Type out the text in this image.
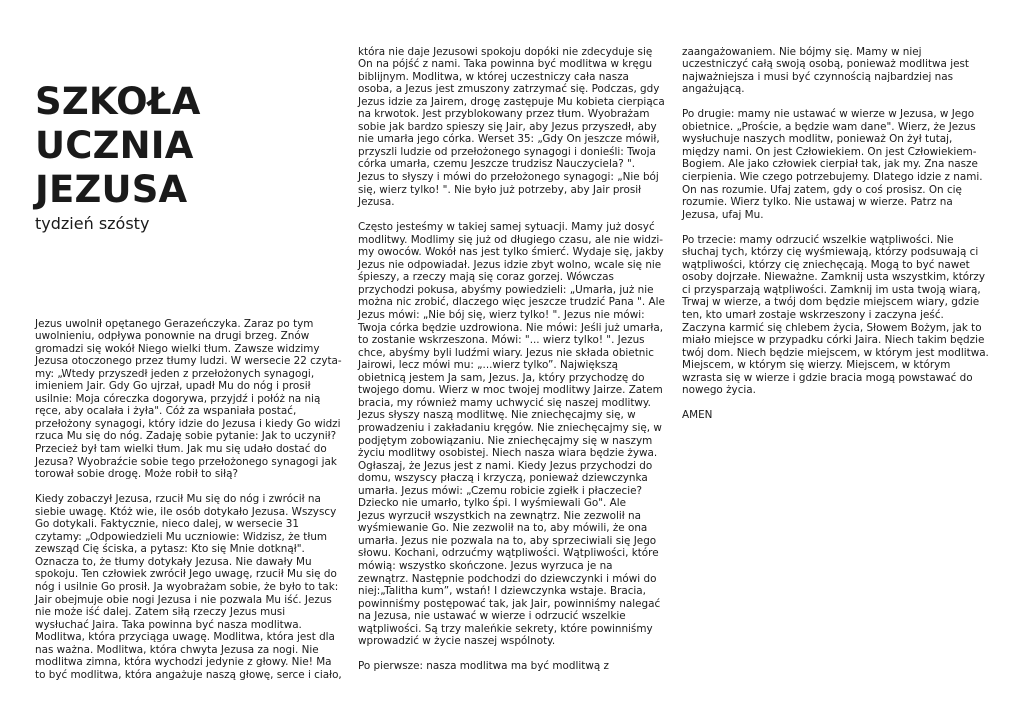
SZKOŁA
UCZNIA JEZUSA
tydzień szósty

Jezus uwolnił opętanego Gerazeńczyka. Zaraz po tym
uwolnieniu, odpływa ponownie na drugi brzeg. Znów
gromadzi się wokół Niego wielki tłum. Zawsze widzimy
Jezusa otoczonego przez tłumy ludzi. W wersecie 22 czyta-
my: „Wtedy przyszedł jeden z przełożonych synagogi,
imieniem Jair. Gdy Go ujrzał, upadł Mu do nóg i prosił
usilnie: Moja córeczka dogorywa, przyjdź i połóż na nią
ręce, aby ocalała i żyła". Cóż za wspaniała postać,
przełożony synagogi, który idzie do Jezusa i kiedy Go widzi
rzuca Mu się do nóg. Zadaję sobie pytanie: Jak to uczynił?
Przecież był tam wielki tłum. Jak mu się udało dostać do
Jezusa? Wyobraźcie sobie tego przełożonego synagogi jak
torował sobie drogę. Może robił to siłą?

Kiedy zobaczył Jezusa, rzucił Mu się do nóg i zwrócił na
siebie uwagę. Któż wie, ile osób dotykało Jezusa. Wszyscy
Go dotykali. Faktycznie, nieco dalej, w wersecie 31
czytamy: „Odpowiedzieli Mu uczniowie: Widzisz, że tłum
zewsząd Cię ściska, a pytasz: Kto się Mnie dotknął".
Oznacza to, że tłumy dotykały Jezusa. Nie dawały Mu
spokoju. Ten człowiek zwrócił Jego uwagę, rzucił Mu się do
nóg i usilnie Go prosił. Ja wyobrażam sobie, że było to tak:
Jair obejmuje obie nogi Jezusa i nie pozwala Mu iść. Jezus
nie może iść dalej. Zatem siłą rzeczy Jezus musi
wysłuchać Jaira. Taka powinna być nasza modlitwa.
Modlitwa, która przyciąga uwagę. Modlitwa, która jest dla
nas ważna. Modlitwa, która chwyta Jezusa za nogi. Nie
modlitwa zimna, która wychodzi jedynie z głowy. Nie! Ma
to być modlitwa, która angażuje naszą głowę, serce i ciało,

która nie daje Jezusowi spokoju dopóki nie zdecyduje się
On na pójść z nami. Taka powinna być modlitwa w kręgu
biblijnym. Modlitwa, w której uczestniczy cała nasza
osoba, a Jezus jest zmuszony zatrzymać się. Podczas, gdy
Jezus idzie za Jairem, drogę zastępuje Mu kobieta cierpiąca
na krwotok. Jest przyblokowany przez tłum. Wyobrażam
sobie jak bardzo spieszy się Jair, aby Jezus przyszedł, aby
nie umarła jego córka. Werset 35: „Gdy On jeszcze mówił,
przyszli ludzie od przełożonego synagogi i donieśli: Twoja
córka umarła, czemu Jeszcze trudzisz Nauczyciela? ".
Jezus to słyszy i mówi do przełożonego synagogi: „Nie bój
się, wierz tylko! ". Nie było już potrzeby, aby Jair prosił
Jezusa.

Często jesteśmy w takiej samej sytuacji. Mamy już dosyć
modlitwy. Modlimy się już od długiego czasu, ale nie widzi-
my owoców. Wokół nas jest tylko śmierć. Wydaje się, jakby
Jezus nie odpowiadał. Jezus idzie zbyt wolno, wcale się nie
śpieszy, a rzeczy mają się coraz gorzej. Wówczas
przychodzi pokusa, abyśmy powiedzieli: „Umarła, już nie
można nic zrobić, dlaczego więc jeszcze trudzić Pana ". Ale
Jezus mówi: „Nie bój się, wierz tylko! ". Jezus nie mówi:
Twoja córka będzie uzdrowiona. Nie mówi: Jeśli już umarła,
to zostanie wskrzeszona. Mówi: "... wierz tylko! ". Jezus
chce, abyśmy byli ludźmi wiary. Jezus nie składa obietnic
Jairowi, lecz mówi mu: „...wierz tylko”. Największą
obietnicą jestem Ja sam, Jezus. Ja, który przychodzę do
twojego domu. Wierz w moc twojej modlitwy Jairze. Zatem
bracia, my również mamy uchwycić się naszej modlitwy.
Jezus słyszy naszą modlitwę. Nie zniechęcajmy się, w
prowadzeniu i zakładaniu kręgów. Nie zniechęcajmy się, w
podjętym zobowiązaniu. Nie zniechęcajmy się w naszym
życiu modlitwy osobistej. Niech nasza wiara będzie żywa.
Ogłaszaj, że Jezus jest z nami. Kiedy Jezus przychodzi do
domu, wszyscy płaczą i krzyczą, ponieważ dziewczynka
umarła. Jezus mówi: „Czemu robicie zgiełk i płaczecie?
Dziecko nie umarło, tylko śpi. I wyśmiewali Go". Ale
Jezus wyrzucił wszystkich na zewnątrz. Nie zezwolił na
wyśmiewanie Go. Nie zezwolił na to, aby mówili, że ona
umarła. Jezus nie pozwala na to, aby sprzeciwiali się Jego
słowu. Kochani, odrzućmy wątpliwości. Wątpliwości, które
mówią: wszystko skończone. Jezus wyrzuca je na
zewnątrz. Następnie podchodzi do dziewczynki i mówi do
niej:„Talitha kum”, wstań! I dziewczynka wstaje. Bracia,
powinniśmy postępować tak, jak Jair, powinniśmy nalegać
na Jezusa, nie ustawać w wierze i odrzucić wszelkie
wątpliwości. Są trzy maleńkie sekrety, które powinniśmy
wprowadzić w życie naszej wspólnoty.

Po pierwsze: nasza modlitwa ma być modlitwą z

zaangażowaniem. Nie bójmy się. Mamy w niej
uczestniczyć całą swoją osobą, ponieważ modlitwa jest
najważniejsza i musi być czynnością najbardziej nas
angażującą.

Po drugie: mamy nie ustawać w wierze w Jezusa, w Jego
obietnice. „Proście, a będzie wam dane". Wierz, że Jezus
wysłuchuje naszych modlitw, ponieważ On żył tutaj,
między nami. On jest Człowiekiem. On jest Człowiekiem-
Bogiem. Ale jako człowiek cierpiał tak, jak my. Zna nasze
cierpienia. Wie czego potrzebujemy. Dlatego idzie z nami.
On nas rozumie. Ufaj zatem, gdy o coś prosisz. On cię
rozumie. Wierz tylko. Nie ustawaj w wierze. Patrz na
Jezusa, ufaj Mu.

Po trzecie: mamy odrzucić wszelkie wątpliwości. Nie
słuchaj tych, którzy cię wyśmiewają, którzy podsuwają ci
wątpliwości, którzy cię zniechęcają. Mogą to być nawet
osoby dojrzałe. Nieważne. Zamknij usta wszystkim, którzy
ci przysparzają wątpliwości. Zamknij im usta twoją wiarą,
Trwaj w wierze, a twój dom będzie miejscem wiary, gdzie
ten, kto umarł zostaje wskrzeszony i zaczyna jeść.
Zaczyna karmić się chlebem życia, Słowem Bożym, jak to
miało miejsce w przypadku córki Jaira. Niech takim będzie
twój dom. Niech będzie miejscem, w którym jest modlitwa.
Miejscem, w którym się wierzy. Miejscem, w którym
wzrasta się w wierze i gdzie bracia mogą powstawać do
nowego życia.

AMEN
